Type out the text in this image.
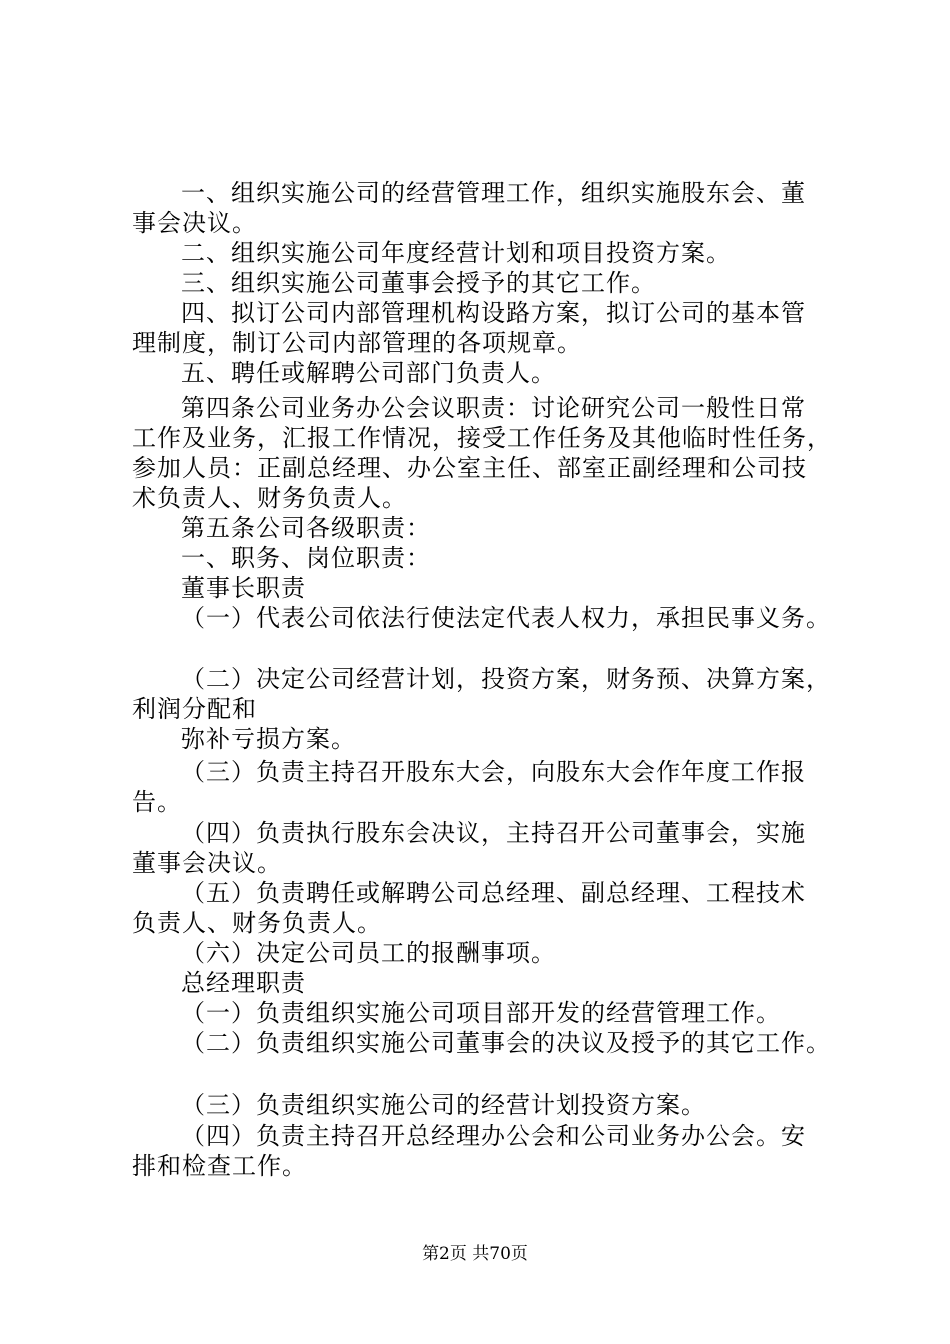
一、组织实施公司的经营管理工作，组织实施股东会、董
事会决议。
二、组织实施公司年度经营计划和项目投资方案。
三、组织实施公司董事会授予的其它工作。
四、拟订公司内部管理机构设路方案，拟订公司的基本管
理制度，制订公司内部管理的各项规章。
五、聘任或解聘公司部门负责人。
第四条公司业务办公会议职责：讨论研究公司一般性日常
工作及业务，汇报工作情况，接受工作任务及其他临时性任务，
参加人员：正副总经理、办公室主任、部室正副经理和公司技
术负责人、财务负责人。
第五条公司各级职责：
一、职务、岗位职责：
董事长职责
（一）代表公司依法行使法定代表人权力，承担民事义务。
（二）决定公司经营计划，投资方案，财务预、决算方案，
利润分配和
弥补亏损方案。
（三）负责主持召开股东大会，向股东大会作年度工作报
告。
（四）负责执行股东会决议，主持召开公司董事会，实施
董事会决议。
（五）负责聘任或解聘公司总经理、副总经理、工程技术
负责人、财务负责人。
（六）决定公司员工的报酬事项。
总经理职责
（一）负责组织实施公司项目部开发的经营管理工作。
（二）负责组织实施公司董事会的决议及授予的其它工作。
（三）负责组织实施公司的经营计划投资方案。
（四）负责主持召开总经理办公会和公司业务办公会。安
排和检查工作。
第2页 共70页
